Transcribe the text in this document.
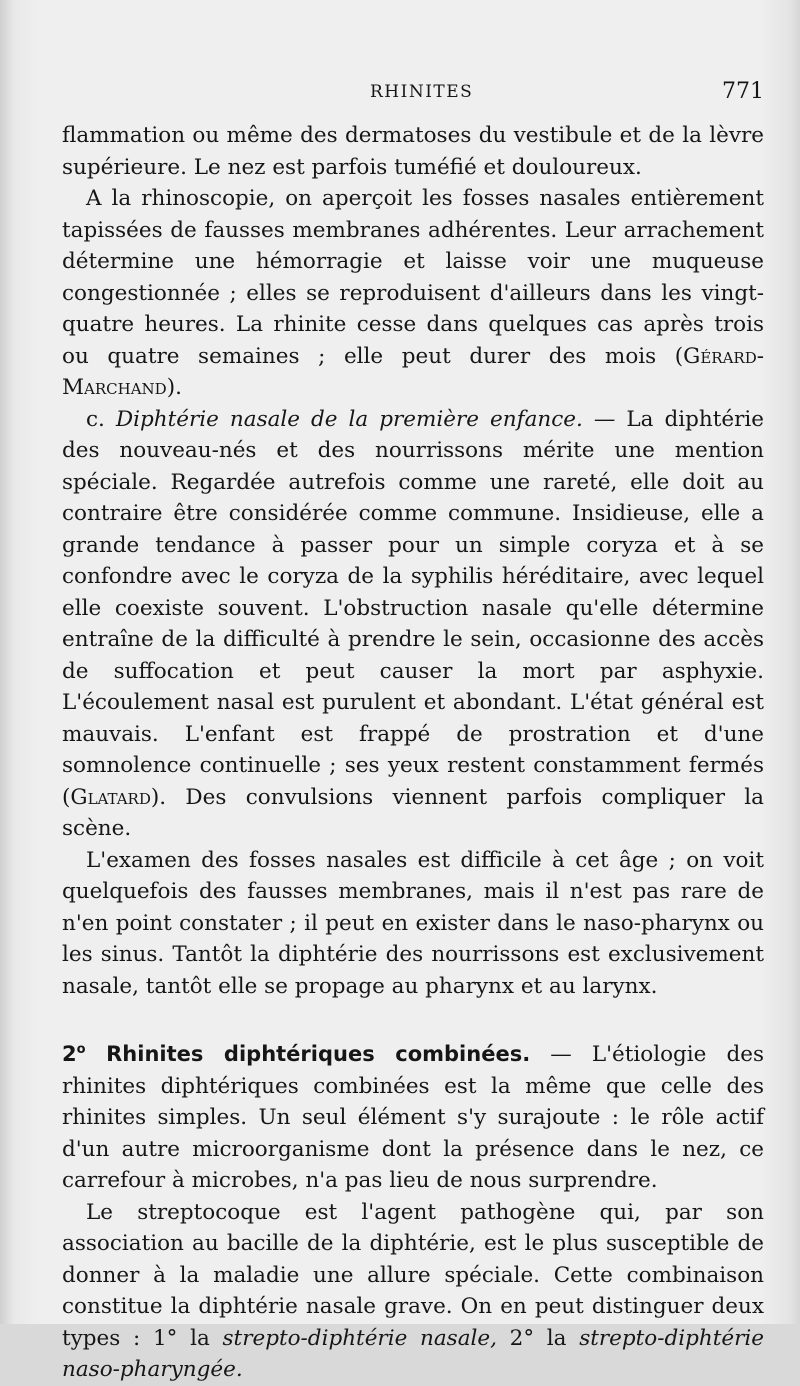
RHINITES	771

flammation ou même des dermatoses du vestibule et de la lèvre supérieure. Le nez est parfois tuméfié et douloureux.

A la rhinoscopie, on aperçoit les fosses nasales entièrement tapissées de fausses membranes adhérentes. Leur arrachement détermine une hémorragie et laisse voir une muqueuse congestionnée ; elles se reproduisent d'ailleurs dans les vingt-quatre heures. La rhinite cesse dans quelques cas après trois ou quatre semaines ; elle peut durer des mois (Gérard-Marchand).

c. Diphtérie nasale de la première enfance. — La diphtérie des nouveau-nés et des nourrissons mérite une mention spéciale. Regardée autrefois comme une rareté, elle doit au contraire être considérée comme commune. Insidieuse, elle a grande tendance à passer pour un simple coryza et à se confondre avec le coryza de la syphilis héréditaire, avec lequel elle coexiste souvent. L'obstruction nasale qu'elle détermine entraîne de la difficulté à prendre le sein, occasionne des accès de suffocation et peut causer la mort par asphyxie. L'écoulement nasal est purulent et abondant. L'état général est mauvais. L'enfant est frappé de prostration et d'une somnolence continuelle ; ses yeux restent constamment fermés (Glatard). Des convulsions viennent parfois compliquer la scène.

L'examen des fosses nasales est difficile à cet âge ; on voit quelquefois des fausses membranes, mais il n'est pas rare de n'en point constater ; il peut en exister dans le naso-pharynx ou les sinus. Tantôt la diphtérie des nourrissons est exclusivement nasale, tantôt elle se propage au pharynx et au larynx.

2$^o$ Rhinites diphtériques combinées. — L'étiologie des rhinites diphtériques combinées est la même que celle des rhinites simples. Un seul élément s'y surajoute : le rôle actif d'un autre microorganisme dont la présence dans le nez, ce carrefour à microbes, n'a pas lieu de nous surprendre.

Le streptocoque est l'agent pathogène qui, par son association au bacille de la diphtérie, est le plus susceptible de donner à la maladie une allure spéciale. Cette combinaison constitue la diphtérie nasale grave. On en peut distinguer deux types : 1° la strepto-diphtérie nasale, 2° la strepto-diphtérie naso-pharyngée.
